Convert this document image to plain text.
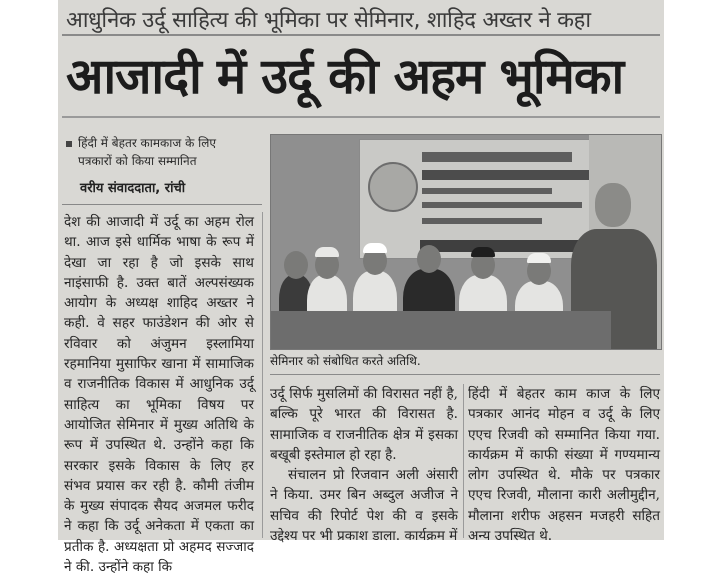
आधुनिक उर्दू साहित्य की भूमिका पर सेमिनार, शाहिद अख्तर ने कहा
आजादी में उर्दू की अहम भूमिका
हिंदी में बेहतर कामकाज के लिए
पत्रकारों को किया सम्मानित
वरीय संवाददाता, रांची

देश की आजादी में उर्दू का अहम रोल था. आज इसे धार्मिक भाषा के रूप में देखा जा रहा है जो इसके साथ नाइंसाफी है. उक्त बातें अल्पसंख्यक आयोग के अध्यक्ष शाहिद अख्तर ने कही. वे सहर फाउंडेशन की ओर से रविवार को अंजुमन इस्लामिया रहमानिया मुसाफिर खाना में सामाजिक व राजनीतिक विकास में आधुनिक उर्दू साहित्य का भूमिका विषय पर आयोजित सेमिनार में मुख्य अतिथि के रूप में उपस्थित थे. उन्होंने कहा कि सरकार इसके विकास के लिए हर संभव प्रयास कर रही है. कौमी तंजीम के मुख्य संपादक सैयद अजमल फरीद ने कहा कि उर्दू अनेकता में एकता का प्रतीक है. अध्यक्षता प्रो अहमद सज्जाद ने की. उन्होंने कहा कि

सेमिनार को संबोधित करते अतिथि.

उर्दू सिर्फ मुसलिमों की विरासत नहीं है, बल्कि पूरे भारत की विरासत है. सामाजिक व राजनीतिक क्षेत्र में इसका बखूबी इस्तेमाल हो रहा है.

संचालन प्रो रिजवान अली अंसारी ने किया. उमर बिन अब्दुल अजीज ने सचिव की रिपोर्ट पेश की व इसके उद्देश्य पर भी प्रकाश डाला. कार्यक्रम में

हिंदी में बेहतर काम काज के लिए पत्रकार आनंद मोहन व उर्दू के लिए एएच रिजवी को सम्मानित किया गया. कार्यक्रम में काफी संख्या में गण्यमान्य लोग उपस्थित थे. मौके पर पत्रकार एएच रिजवी, मौलाना कारी अलीमुद्दीन, मौलाना शरीफ अहसन मजहरी सहित अन्य उपस्थित थे.
